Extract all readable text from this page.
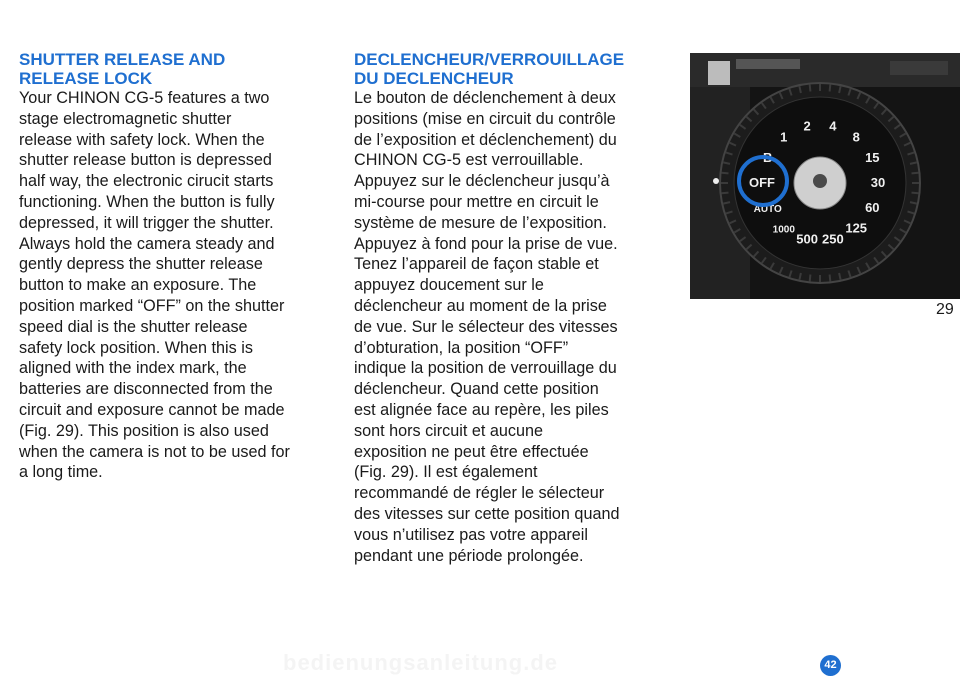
SHUTTER RELEASE AND
RELEASE LOCK

Your CHINON CG-5 features a two
stage electromagnetic shutter
release with safety lock. When the
shutter release button is depressed
half way, the electronic cirucit starts
functioning. When the button is fully
depressed, it will trigger the shutter.
Always hold the camera steady and
gently depress the shutter release
button to make an exposure. The
position marked “OFF” on the shutter
speed dial is the shutter release
safety lock position. When this is
aligned with the index mark, the
batteries are disconnected from the
circuit and exposure cannot be made
(Fig. 29). This position is also used
when the camera is not to be used for
a long time.

DECLENCHEUR/VERROUILLAGE
DU DECLENCHEUR

Le bouton de déclenchement à deux
positions (mise en circuit du contrôle
de l’exposition et déclenchement) du
CHINON CG-5 est verrouillable.
Appuyez sur le déclencheur jusqu’à
mi-course pour mettre en circuit le
système de mesure de l’exposition.
Appuyez à fond pour la prise de vue.
Tenez l’appareil de façon stable et
appuyez doucement sur le
déclencheur au moment de la prise
de vue. Sur le sélecteur des vitesses
d’obturation, la position “OFF”
indique la position de verrouillage du
déclencheur. Quand cette position
est alignée face au repère, les piles
sont hors circuit et aucune
exposition ne peut être effectuée
(Fig. 29). Il est également
recommandé de régler le sélecteur
des vitesses sur cette position quand
vous n’utilisez pas votre appareil
pendant une période prolongée.

OFF
AUTO
1000
500 250
125
60
30
15
8
4
2
1
B
29
bedienungsanleitung.de	42
